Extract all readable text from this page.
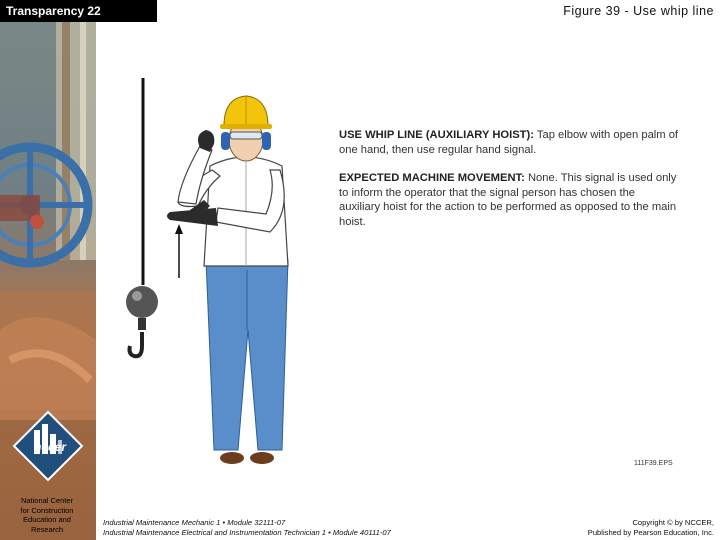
nccer
National Center
for Construction
Education and
Research
Transparency 22	Figure 39 - Use whip line

USE WHIP LINE (AUXILIARY HOIST): Tap elbow with open palm of one hand, then use regular hand signal.

EXPECTED MACHINE MOVEMENT: None. This signal is used only to inform the operator that the signal person has chosen the auxiliary hoist for the action to be performed as opposed to the main hoist.

111F39.EPS
Industrial Maintenance Mechanic 1 • Module 32111-07
Industrial Maintenance Electrical and Instrumentation Technician 1 • Module 40111-07
Copyright © by NCCER,
Published by Pearson Education, Inc.
